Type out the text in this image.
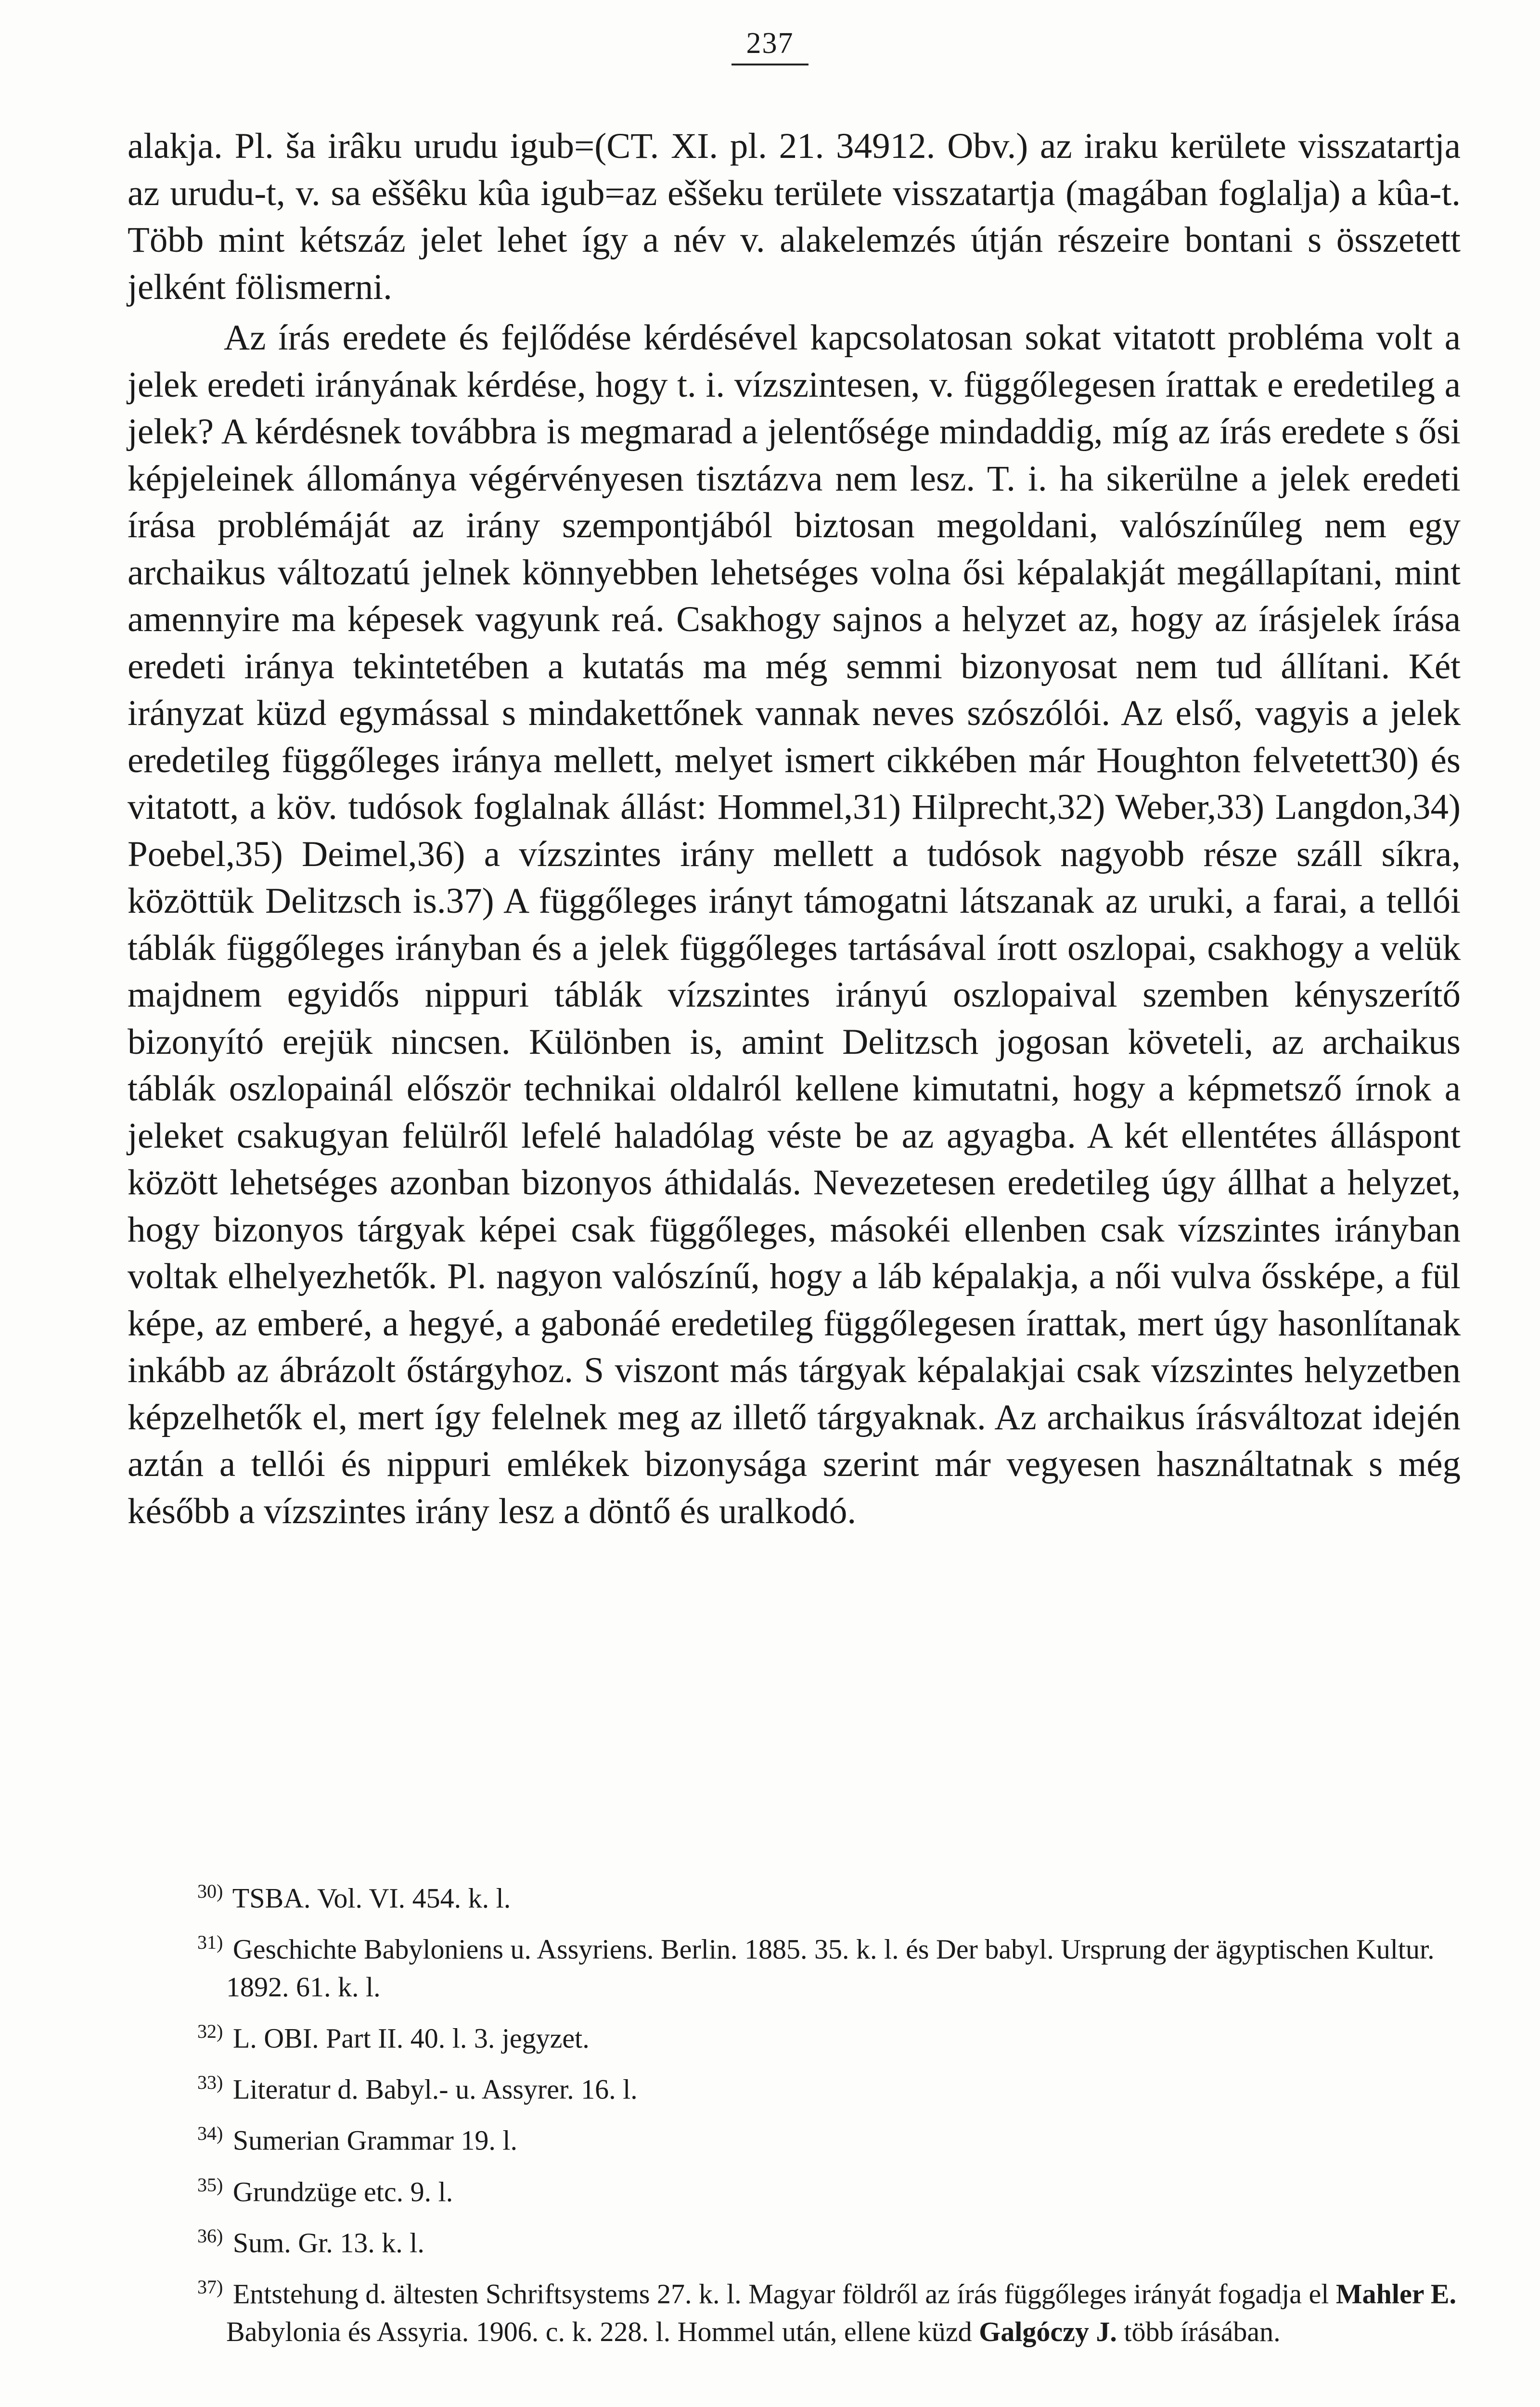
237

alakja. Pl. ša irâku urudu igub=(CT. XI. pl. 21. 34912. Obv.) az iraku kerülete visszatartja az urudu-t, v. sa eššêku kûa igub=az eššeku területe visszatartja (magában foglalja) a kûa-t. Több mint kétszáz jelet lehet így a név v. alakelemzés útján részeire bontani s összetett jelként fölismerni.

Az írás eredete és fejlődése kérdésével kapcsolatosan sokat vitatott probléma volt a jelek eredeti irányának kérdése, hogy t. i. vízszintesen, v. függőlegesen írattak e eredetileg a jelek? A kérdésnek továbbra is megmarad a jelentősége mindaddig, míg az írás eredete s ősi képjeleinek állománya végérvényesen tisztázva nem lesz. T. i. ha sikerülne a jelek eredeti írása problémáját az irány szempontjából biztosan megoldani, valószínűleg nem egy archaikus változatú jelnek könnyebben lehetséges volna ősi képalakját megállapítani, mint amennyire ma képesek vagyunk reá. Csakhogy sajnos a helyzet az, hogy az írásjelek írása eredeti iránya tekintetében a kutatás ma még semmi bizonyosat nem tud állítani. Két irányzat küzd egymással s mindakettőnek vannak neves szószólói. Az első, vagyis a jelek eredetileg függőleges iránya mellett, melyet ismert cikkében már Houghton felvetett30) és vitatott, a köv. tudósok foglalnak állást: Hommel,31) Hilprecht,32) Weber,33) Langdon,34) Poebel,35) Deimel,36) a vízszintes irány mellett a tudósok nagyobb része száll síkra, közöttük Delitzsch is.37) A függőleges irányt támogatni látszanak az uruki, a farai, a tellói táblák függőleges irányban és a jelek függőleges tartásával írott oszlopai, csakhogy a velük majdnem egyidős nippuri táblák vízszintes irányú oszlopaival szemben kényszerítő bizonyító erejük nincsen. Különben is, amint Delitzsch jogosan követeli, az archaikus táblák oszlopainál először technikai oldalról kellene kimutatni, hogy a képmetsző írnok a jeleket csakugyan felülről lefelé haladólag véste be az agyagba. A két ellentétes álláspont között lehetséges azonban bizonyos áthidalás. Nevezetesen eredetileg úgy állhat a helyzet, hogy bizonyos tárgyak képei csak függőleges, másokéi ellenben csak vízszintes irányban voltak elhelyezhetők. Pl. nagyon valószínű, hogy a láb képalakja, a női vulva őssképe, a fül képe, az emberé, a hegyé, a gabonáé eredetileg függőlegesen írattak, mert úgy hasonlítanak inkább az ábrázolt őstárgyhoz. S viszont más tárgyak képalakjai csak vízszintes helyzetben képzelhetők el, mert így felelnek meg az illető tárgyaknak. Az archaikus írásváltozat idején aztán a tellói és nippuri emlékek bizonysága szerint már vegyesen használtatnak s még később a vízszintes irány lesz a döntő és uralkodó.

$^{30)}$ TSBA. Vol. VI. 454. k. l.

$^{31)}$ Geschichte Babyloniens u. Assyriens. Berlin. 1885. 35. k. l. és Der babyl. Ursprung der ägyptischen Kultur. 1892. 61. k. l.

$^{32)}$ L. OBI. Part II. 40. l. 3. jegyzet.

$^{33)}$ Literatur d. Babyl.- u. Assyrer. 16. l.

$^{34)}$ Sumerian Grammar 19. l.

$^{35)}$ Grundzüge etc. 9. l.

$^{36)}$ Sum. Gr. 13. k. l.

$^{37)}$ Entstehung d. ältesten Schriftsystems 27. k. l. Magyar földről az írás függőleges irányát fogadja el Mahler E. Babylonia és Assyria. 1906. c. k. 228. l. Hommel után, ellene küzd Galgóczy J. több írásában.
